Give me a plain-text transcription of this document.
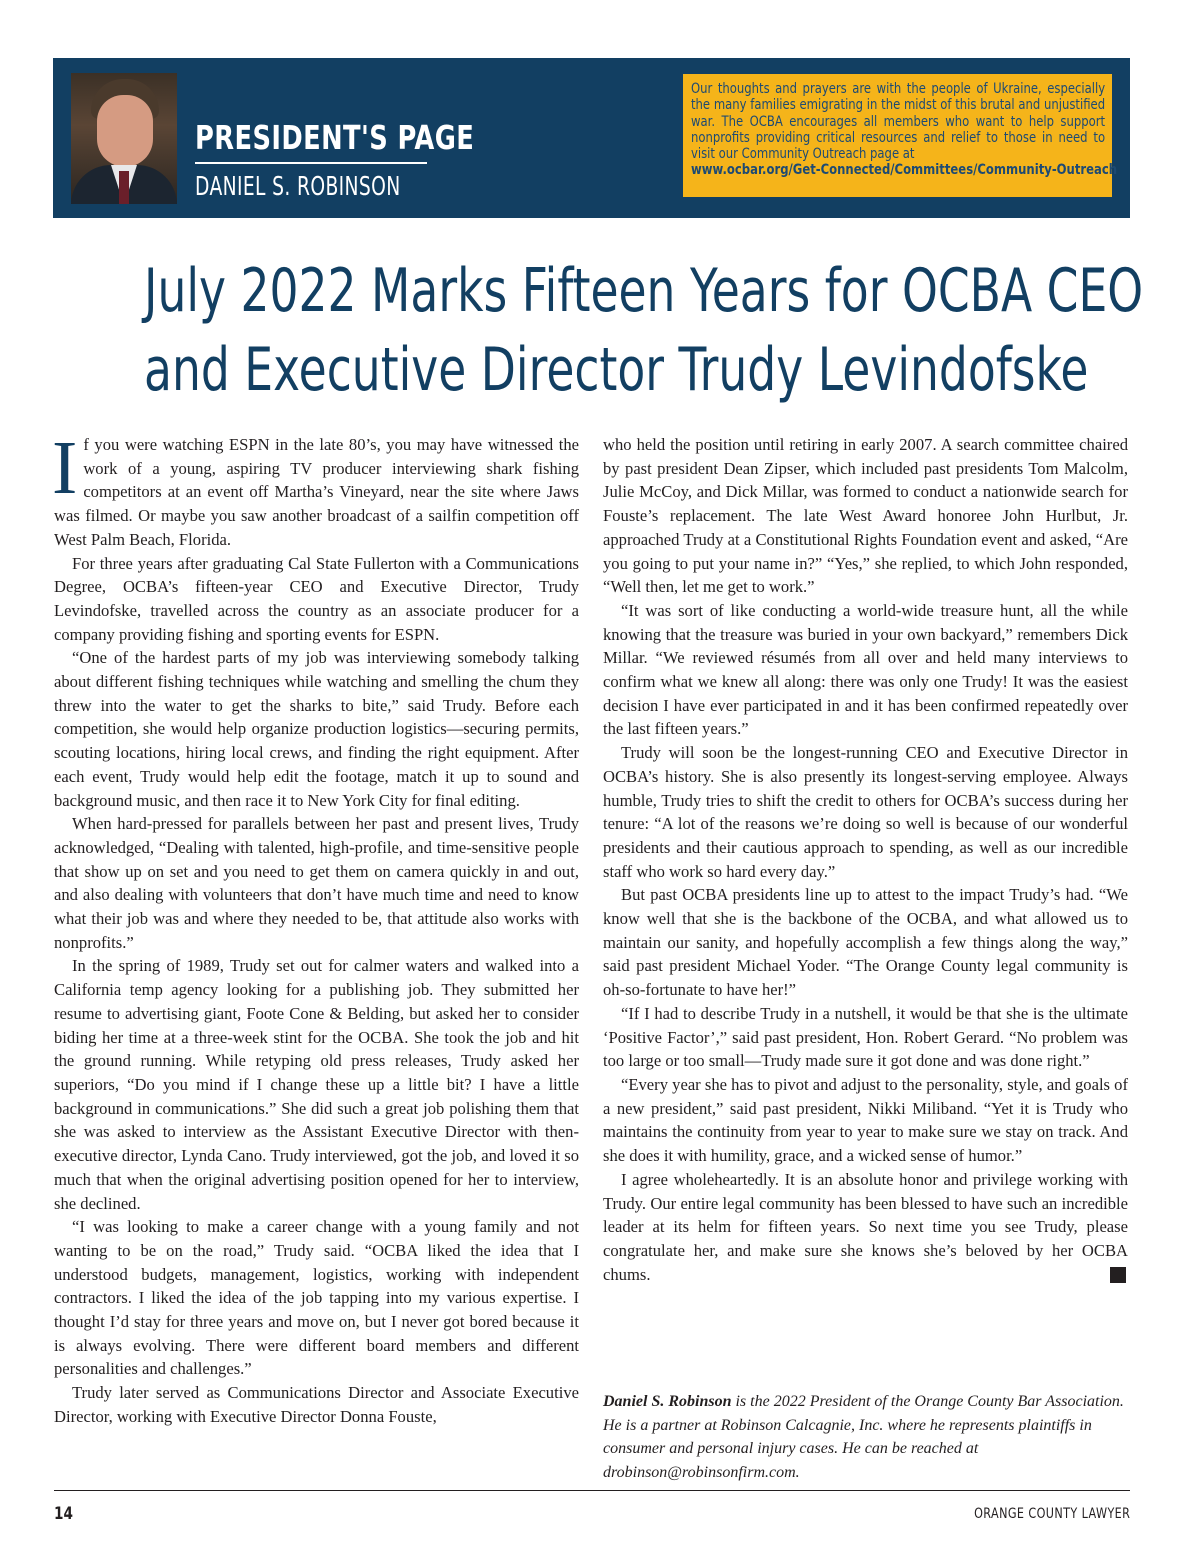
PRESIDENT'S PAGE
DANIEL S. ROBINSON
Our thoughts and prayers are with the people of Ukraine, especially the many families emigrating in the midst of this brutal and unjustified war. The OCBA encourages all members who want to help support nonprofits providing critical resources and relief to those in need to visit our Community Outreach page at
www.ocbar.org/Get-Connected/Committees/Community-Outreach
July 2022 Marks Fifteen Years for OCBA CEO
and Executive Director Trudy Levindofske

If you were watching ESPN in the late 80’s, you may have witnessed the work of a young, aspiring TV producer interviewing shark fishing competitors at an event off Martha’s Vineyard, near the site where Jaws was filmed. Or maybe you saw another broadcast of a sailfin competition off West Palm Beach, Florida.

For three years after graduating Cal State Fullerton with a Communications Degree, OCBA’s fifteen-year CEO and Executive Director, Trudy Levindofske, travelled across the country as an associate producer for a company providing fishing and sporting events for ESPN.

“One of the hardest parts of my job was interviewing somebody talking about different fishing techniques while watching and smelling the chum they threw into the water to get the sharks to bite,” said Trudy. Before each competition, she would help organize production logistics—securing permits, scouting locations, hiring local crews, and finding the right equipment. After each event, Trudy would help edit the footage, match it up to sound and background music, and then race it to New York City for final editing.

When hard-pressed for parallels between her past and present lives, Trudy acknowledged, “Dealing with talented, high-profile, and time-sensitive people that show up on set and you need to get them on camera quickly in and out, and also dealing with volunteers that don’t have much time and need to know what their job was and where they needed to be, that attitude also works with nonprofits.”

In the spring of 1989, Trudy set out for calmer waters and walked into a California temp agency looking for a publishing job. They submitted her resume to advertising giant, Foote Cone & Belding, but asked her to consider biding her time at a three-week stint for the OCBA. She took the job and hit the ground running. While retyping old press releases, Trudy asked her superiors, “Do you mind if I change these up a little bit? I have a little background in communications.” She did such a great job polishing them that she was asked to interview as the Assistant Executive Director with then-executive director, Lynda Cano. Trudy interviewed, got the job, and loved it so much that when the original advertising position opened for her to interview, she declined.

“I was looking to make a career change with a young family and not wanting to be on the road,” Trudy said. “OCBA liked the idea that I understood budgets, management, logistics, working with independent contractors. I liked the idea of the job tapping into my various expertise. I thought I’d stay for three years and move on, but I never got bored because it is always evolving. There were different board members and different personalities and challenges.”

Trudy later served as Communications Director and Associate Executive Director, working with Executive Director Donna Fouste,

who held the position until retiring in early 2007. A search committee chaired by past president Dean Zipser, which included past presidents Tom Malcolm, Julie McCoy, and Dick Millar, was formed to conduct a nationwide search for Fouste’s replacement. The late West Award honoree John Hurlbut, Jr. approached Trudy at a Constitutional Rights Foundation event and asked, “Are you going to put your name in?” “Yes,” she replied, to which John responded, “Well then, let me get to work.”

“It was sort of like conducting a world-wide treasure hunt, all the while knowing that the treasure was buried in your own backyard,” remembers Dick Millar. “We reviewed résumés from all over and held many interviews to confirm what we knew all along: there was only one Trudy! It was the easiest decision I have ever participated in and it has been confirmed repeatedly over the last fifteen years.”

Trudy will soon be the longest-running CEO and Executive Director in OCBA’s history. She is also presently its longest-serving employee. Always humble, Trudy tries to shift the credit to others for OCBA’s success during her tenure: “A lot of the reasons we’re doing so well is because of our wonderful presidents and their cautious approach to spending, as well as our incredible staff who work so hard every day.”

But past OCBA presidents line up to attest to the impact Trudy’s had. “We know well that she is the backbone of the OCBA, and what allowed us to maintain our sanity, and hopefully accomplish a few things along the way,” said past president Michael Yoder. “The Orange County legal community is oh-so-fortunate to have her!”

“If I had to describe Trudy in a nutshell, it would be that she is the ultimate ‘Positive Factor’,” said past president, Hon. Robert Gerard. “No problem was too large or too small—Trudy made sure it got done and was done right.”

“Every year she has to pivot and adjust to the personality, style, and goals of a new president,” said past president, Nikki Miliband. “Yet it is Trudy who maintains the continuity from year to year to make sure we stay on track. And she does it with humility, grace, and a wicked sense of humor.”

I agree wholeheartedly. It is an absolute honor and privilege working with Trudy. Our entire legal community has been blessed to have such an incredible leader at its helm for fifteen years. So next time you see Trudy, please congratulate her, and make sure she knows she’s beloved by her OCBA chums.

Daniel S. Robinson is the 2022 President of the Orange County Bar Association. He is a partner at Robinson Calcagnie, Inc. where he represents plaintiffs in consumer and personal injury cases. He can be reached at drobinson@robinsonfirm.com.
14	ORANGE COUNTY LAWYER
